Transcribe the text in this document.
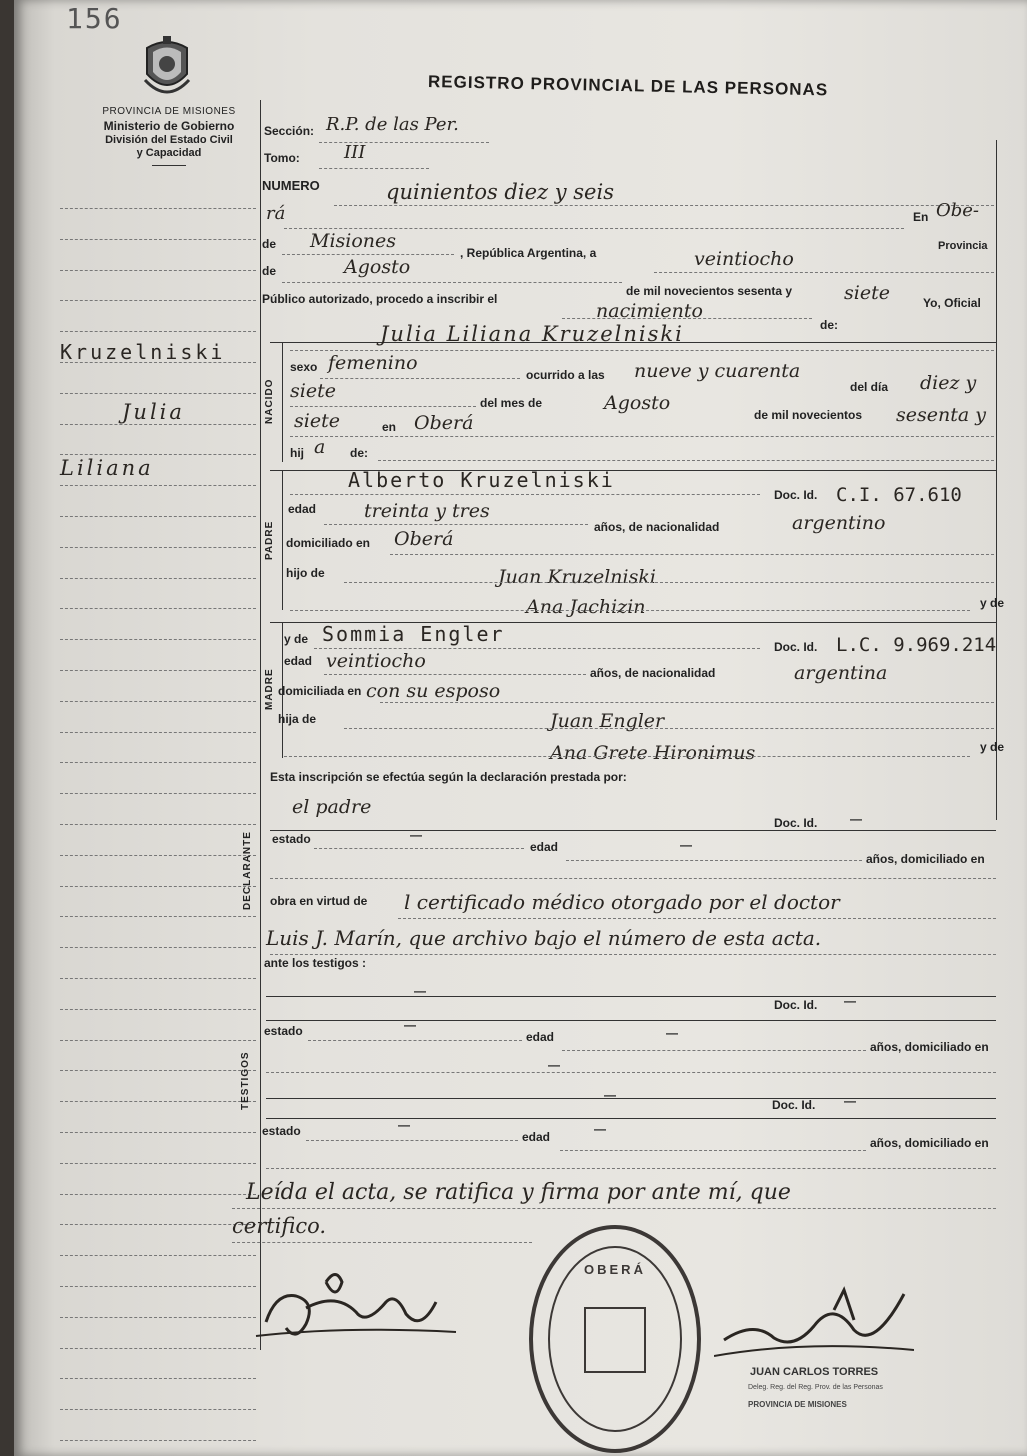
156
PROVINCIA DE MISIONES
Ministerio de Gobierno
División del Estado Civil
y Capacidad
REGISTRO PROVINCIAL DE LAS PERSONAS
Kruzelniski
Julia
Liliana
Sección: R.P. de las Per.
Tomo: III
NUMERO	quinientos diez y seis
rá	En Obe-
de Misiones
, República Argentina, a	veintiocho
Provincia
de	Agosto
de mil novecientos sesenta y	siete	Yo, Oficial
Público autorizado, procedo a inscribir el
nacimiento
de:
NACIDO
Julia Liliana Kruzelniski
sexo femenino
ocurrido a las nueve y cuarenta
del día diez y
siete
del mes de	Agosto
de mil novecientos sesenta y
siete	en Oberá
hij a de:
PADRE
Alberto Kruzelniski
Doc. Id. C.I. 67.610
edad	treinta y tres
años, de nacionalidad	argentino
domiciliado en Oberá
hijo de	Juan Kruzelniski
Ana Jachizin	y de
MADRE
y de Sommia Engler
Doc. Id. L.C. 9.969.214
edad veintiocho
años, de nacionalidad	argentina
domiciliada en con su esposo
hija de	Juan Engler
Ana Grete Hironimus	y de
Esta inscripción se efectúa según la declaración prestada por:
DECLARANTE
el padre
Doc. Id.	—
estado	—
edad	—
años, domiciliado en
obra en virtud de l certificado médico otorgado por el doctor
Luis J. Marín, que archivo bajo el número de esta acta.
ante los testigos :
TESTIGOS
Doc. Id. —
—
estado	—
edad	—
años, domiciliado en
—
—
Doc. Id. —
estado	—
edad
—
años, domiciliado en
Leída el acta, se ratifica y firma por ante mí, que
certifico.
OBERÁ
JUAN CARLOS TORRES
Deleg. Reg. del Reg. Prov. de las Personas
PROVINCIA DE MISIONES
